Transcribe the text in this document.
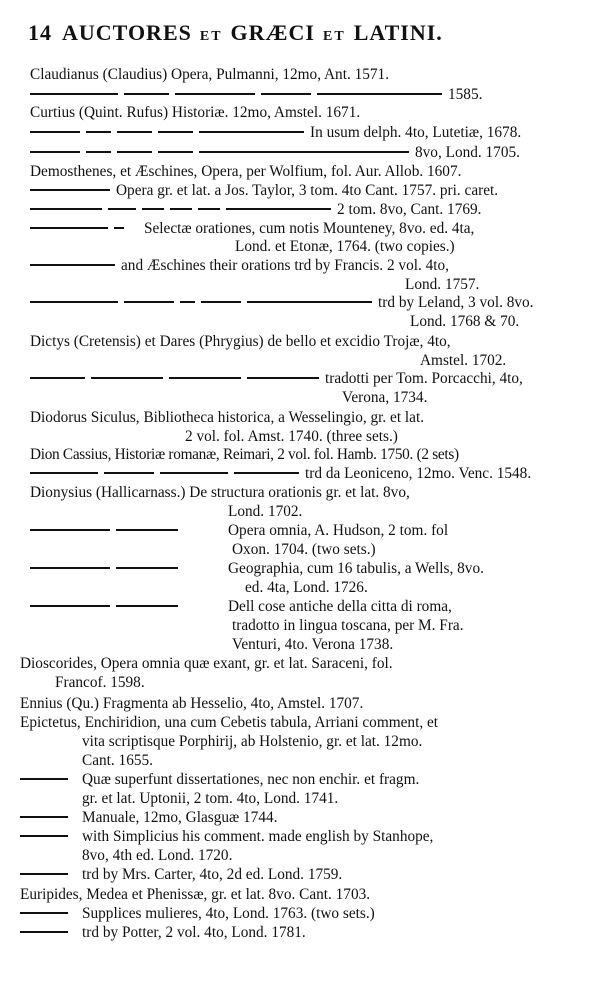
14 AUCTORES ET GRÆCI ET LATINI.
Claudianus (Claudius) Opera, Pulmanni, 12mo, Ant. 1571.
1585.
Curtius (Quint. Rufus) Historiæ. 12mo, Amstel. 1671.
In usum delph. 4to, Lutetiæ, 1678.
8vo, Lond. 1705.
Demosthenes, et Æschines, Opera, per Wolfium, fol. Aur. Allob. 1607.
Opera gr. et lat. a Jos. Taylor, 3 tom. 4to Cant. 1757. pri. caret.
2 tom. 8vo, Cant. 1769.
Selectæ orationes, cum notis Mounteney, 8vo. ed. 4ta,
Lond. et Etonæ, 1764. (two copies.)
and Æschines their orations trd by Francis. 2 vol. 4to,
Lond. 1757.
trd by Leland, 3 vol. 8vo.
Lond. 1768 & 70.
Dictys (Cretensis) et Dares (Phrygius) de bello et excidio Trojæ, 4to,
Amstel. 1702.
tradotti per Tom. Porcacchi, 4to,
Verona, 1734.
Diodorus Siculus, Bibliotheca historica, a Wesselingio, gr. et lat.
2 vol. fol. Amst. 1740. (three sets.)
Dion Cassius, Historiæ romanæ, Reimari, 2 vol. fol. Hamb. 1750. (2 sets)
trd da Leoniceno, 12mo. Venc. 1548.
Dionysius (Hallicarnass.) De structura orationis gr. et lat. 8vo,
Lond. 1702.
Opera omnia, A. Hudson, 2 tom. fol
Oxon. 1704. (two sets.)
Geographia, cum 16 tabulis, a Wells, 8vo.
ed. 4ta, Lond. 1726.
Dell cose antiche della citta di roma,
tradotto in lingua toscana, per M. Fra.
Venturi, 4to. Verona 1738.
Dioscorides, Opera omnia quæ exant, gr. et lat. Saraceni, fol.
Francof. 1598.
Ennius (Qu.) Fragmenta ab Hesselio, 4to, Amstel. 1707.
Epictetus, Enchiridion, una cum Cebetis tabula, Arriani comment, et
vita scriptisque Porphirij, ab Holstenio, gr. et lat. 12mo.
Cant. 1655.
Quæ superfunt dissertationes, nec non enchir. et fragm.
gr. et lat. Uptonii, 2 tom. 4to, Lond. 1741.
Manuale, 12mo, Glasguæ 1744.
with Simplicius his comment. made english by Stanhope,
8vo, 4th ed. Lond. 1720.
trd by Mrs. Carter, 4to, 2d ed. Lond. 1759.
Euripides, Medea et Phenissæ, gr. et lat. 8vo. Cant. 1703.
Supplices mulieres, 4to, Lond. 1763. (two sets.)
trd by Potter, 2 vol. 4to, Lond. 1781.
